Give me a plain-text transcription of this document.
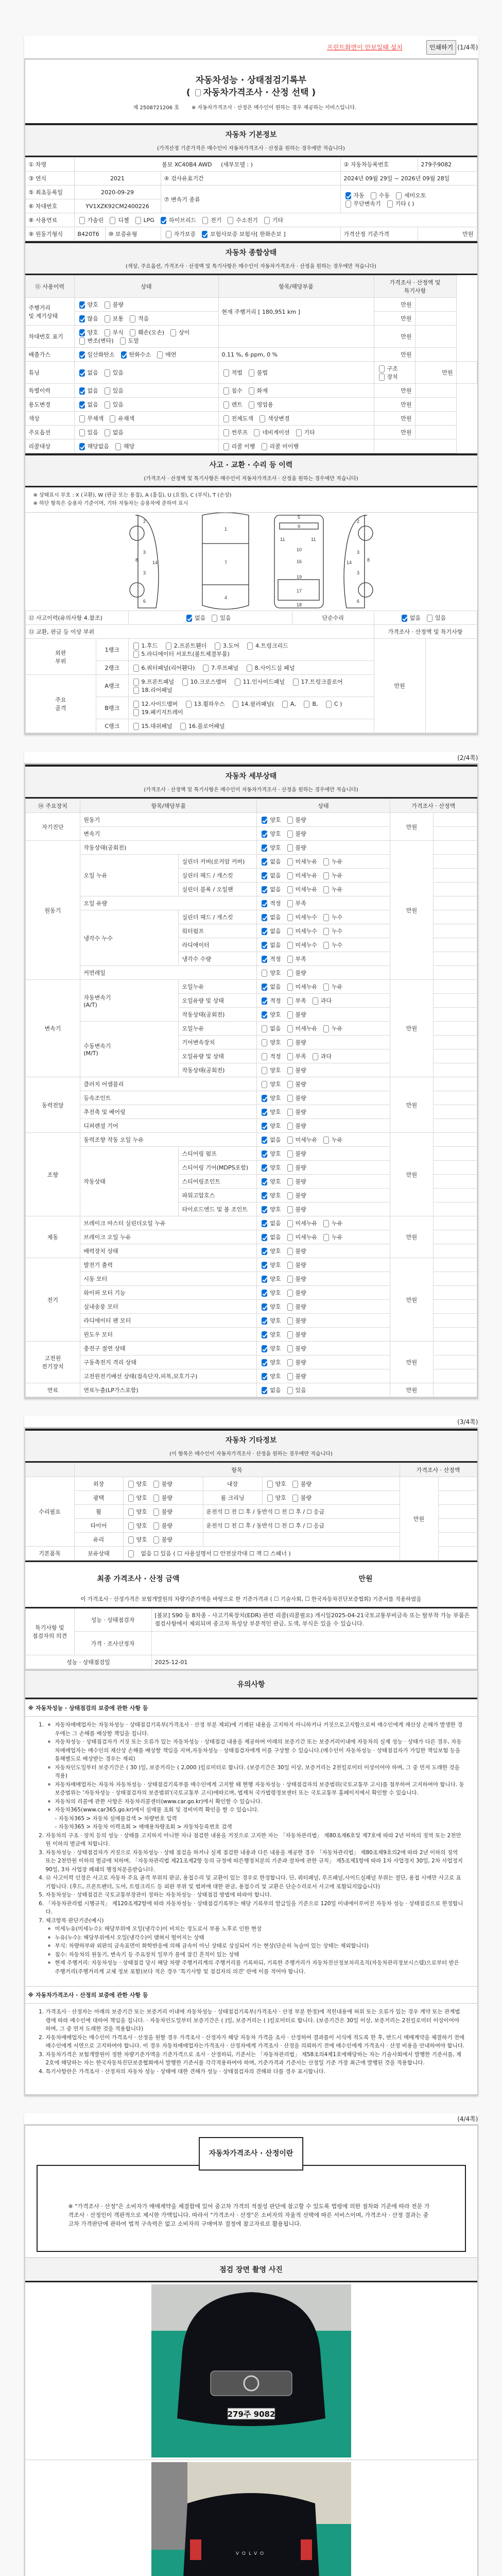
프린트화면이 안보일때 설치	인쇄하기 (1/4쪽)
자동차성능 · 상태점검기록부
( 자동차가격조사 · 산정 선택 )
제 2508721206 호 ※ 자동차가격조사 · 산정은 매수인이 원하는 경우 제공하는 서비스입니다.
자동차 기본정보

(가격산정 기준가격은 매수인이 자동차가격조사 · 산정을 원하는 경우에만 적습니다)

① 차명	볼보 XC40B4 AWD (세부모델 : )			② 자동차등록번호	279주9082
③ 연식	2021		④ 검사유효기간	2024년 09월 29일 ~ 2026년 09월 28일	
⑤ 최초등록일	2020-09-29		⑦ 변속기 종류	자동 수동 세미오토
무단변속기 기타 ( )	
⑥ 차대번호	YV1XZK92CM2400226				
⑧ 사용연료	가솔린 디젤 LPG 하이브리드 전기 수소전기 기타				
⑨ 원동기형식	B420T6	⑩ 보증유형	자가보증 보험사보증 보험사[ 한화손보 ]	가격산정 기준가격	만원
자동차 종합상태

(색상, 주요옵션, 가격조사 · 산정액 및 특기사항은 매수인이 자동차가격조사 · 산정을 원하는 경우에만 적습니다)

⑪ 사용이력	상태	항목/해당부품	가격조사 · 산정액 및
특기사항		
주행거리
및 계기상태	양호 불량	현재 주행거리 [ 180,951 km ]	만원		
	많음 보통 적음		만원		
차대번호 표기	양호 부식 훼손(오손) 상이변조(변타) 도말		만원		
배출가스	일산화탄소 탄화수소 매연	0.11 %, 6 ppm, 0 %	만원		
튜닝	없음 있음	적법 불법	구조장치	만원	
특별이력	없음 있음	침수 화재	만원		
용도변경	없음 있음	렌트 영업용	만원		
색상	무채색 유채색	전체도색 색상변경	만원		
주요옵션	있음 없음	썬루프 네비게이션 기타	만원		
리콜대상	해당없음 해당	리콜 이행 리콜 미이행			
사고 · 교환 · 수리 등 이력

(가격조사 · 산정액 및 특기사항은 매수인이 자동차가격조사 · 산정을 원하는 경우에만 적습니다)

※ 상태표시 부호 : X (교환), W (판금 또는 용접), A (흠집), U (요철), C (부식), T (손상)
※ 하단 항목은 승용차 기준이며, 기타 자동차는 승용차에 준하여 표시
2
3
3
8	14
6
1
7
4
5
9
10
16
19
17
18
11	11
2
3
3
8
14
6
⑫ 사고이력(유의사항 4.참조)		없음 있음	단순수리	없음 있음	
⑬ 교환, 판금 등 이상 부위				가격조사 · 산정액 및 특기사항	
외판
부위	1랭크	1.후드 2.프론트휀더 3.도어 4.트렁크리드 5.라디에이터 서포트(볼트체결부품)		만원	
	2랭크	6.쿼터패널(리어휀다) 7.루프패널 8.사이드실 패널			
주요
골격	A랭크	9.프론트패널 10.크로스멤버 11.인사이드패널 17.트렁크플로어 18.리어패널			
	B랭크	12.사이드멤버 13.휠하우스 14.필러패널( A, B, C ) 19.패키지트레이			
	C랭크	15.대쉬패널 16.플로어패널			
(2/4쪽)
자동차 세부상태

(가격조사 · 산정액 및 특기사항은 매수인이 자동차가격조사 · 산정을 원하는 경우에만 적습니다)

⑭ 주요장치	항목/해당부품		상태	가격조사 · 산정액	
자기진단	원동기		양호 불량	만원	
	변속기		양호 불량		
원동기	작동상태(공회전)		양호 불량	만원	
	오일 누유	실린더 커버(로커암 커버)	없음 미세누유 누유		
		실린더 헤드 / 개스킷	없음 미세누유 누유		
		실린더 블록 / 오일팬	없음 미세누유 누유		
	오일 유량		적정 부족		
	냉각수 누수	실린더 헤드 / 개스킷	없음 미세누수 누수		
		워터펌프	없음 미세누수 누수		
		라디에이터	없음 미세누수 누수		
		냉각수 수량	적정 부족		
	커먼레일		양호 불량		
변속기	자동변속기
(A/T)	오일누유	없음 미세누유 누유	만원	
		오일유량 및 상태	적정 부족 과다		
		작동상태(공회전)	양호 불량		
	수동변속기
(M/T)	오일누유	없음 미세누유 누유		
		기어변속장치	양호 불량		
		오일유량 및 상태	적정 부족 과다		
		작동상태(공회전)	양호 불량		
동력전달	클러치 어셈블리		양호 불량	만원	
	등속조인트		양호 불량		
	추진축 및 베어링		양호 불량		
	디퍼렌셜 기어		양호 불량		
조향	동력조향 작동 오일 누유		없음 미세누유 누유	만원	
	작동상태	스티어링 펌프	양호 불량		
		스티어링 기어(MDPS포함)	양호 불량		
		스티어링조인트	양호 불량		
		파워고압호스	양호 불량		
		타이로드엔드 및 볼 조인트	양호 불량		
제동	브레이크 마스터 실린더오일 누유		없음 미세누유 누유	만원	
	브레이크 오일 누유		없음 미세누유 누유		
	배력장치 상태		양호 불량		
전기	발전기 출력		양호 불량	만원	
	시동 모터		양호 불량		
	와이퍼 모터 기능		양호 불량		
	실내송풍 모터		양호 불량		
	라디에이터 팬 모터		양호 불량		
	윈도우 모터		양호 불량		
고전원
전기장치	충전구 절연 상태		양호 불량	만원	
	구동축전지 격리 상태		양호 불량		
	고전원전기배선 상태(접속단자,피복,보호기구)		양호 불량		
연료	연료누출(LP가스포함)		없음 있음	만원	
(3/4쪽)
자동차 기타정보

(이 항목은 매수인이 자동차가격조사 · 산정을 원하는 경우에만 적습니다)

	항목				가격조사 · 산정액	
수리필요	외장	양호 불량	내장	양호 불량	만원	
	광택	양호 불량	룸 크리닝	양호 불량		
	휠	양호 불량	운전석 ☐ 전 ☐ 후 / 동반석 ☐ 전 ☐ 후 / ☐ 응급			
	타이어	양호 불량	운전석 ☐ 전 ☐ 후 / 동반석 ☐ 전 ☐ 후 / ☐ 응급			
	유리	양호 불량				
기본품목	보유상태	없음 ☐ 있음 ( ☐ 사용설명서 ☐ 안전삼각대 ☐ 잭 ☐ 스패너 )				
최종 가격조사 · 산정 금액	만원
이 가격조사 · 산정가격은 보험개발원의 차량기준가액을 바탕으로 한 기준가격과 ( ☐ 기술사회, ☐ 한국자동차진단보증협회) 기준서를 적용하였음
특기사항 및
점검자의 의견	성능 · 상태점검자	[볼보] S90 등 8차종 - 사고기록장치(EDR) 관련 리콜(리콜필요) 개시일2025-04-21국토교통부비금속 또는 탈부착 가능 부품은 점검사항에서 제외되며 중고차 특성상 부분적인 판금, 도색, 부식은 있을 수 있습니다.
	가격 · 조사산정자	
성능 · 상태점검일		2025-12-01
유의사항
※ 자동차성능 · 상태점검의 보증에 관한 사항 등
◦ 1. 자동차매매업자는 자동차성능 · 상태점검기록부(가격조사 · 산정 부분 제외)에 기재된 내용을 고지하지 아니하거나 거짓으로고지함으로써 매수인에게 재산상 손해가 발생한 경우에는 그 손해를 배상할 책임을 집니다.
◦ 자동차성능 · 상태점검자가 거짓 또는 오류가 있는 자동차성능 · 상태점검 내용을 제공하여 아래의 보증기간 또는 보증거리이내에 자동차의 실제 성능 · 상태가 다른 경우, 자동차매매업자는 매수인의 재산상 손해를 배상할 책임을 지며,자동차성능 · 상태점검자에게 이를 구상할 수 있습니다.(매수인이 자동차성능 · 상태점검자가 가입한 책임보험 등을 통해별도로 배상받는 경우는 제외)
◦ 자동차인도일부터 보증기간은 ( 30 )일, 보증거리는 ( 2,000 )킬로미터로 합니다. (보증기간은 30일 이상, 보증거리는 2천킬로미터 이상이어야 하며, 그 중 먼저 도래한 것을 적용)
◦ 자동차매매업자는 자동차 자동차성능 · 상태점검기록부를 매수인에게 고지할 때 현행 자동차성능 · 상태점검자의 보증범위(국토교통부 고시)를 첨부하여 고지하여야 합니다. 동 보증범위는 '자동차성능 · 상태점검자의 보증범위'(국토교통부 고시)에따르며, 법제처 국가법령정보센터 또는 국토교통부 홈페이지에서 확인할 수 있습니다.
◦ 자동차의 리콜에 관한 사항은 자동차리콜센터(www.car.go.kr)에서 확인할 수 있습니다.
◦ 자동차365(www.car365.go.kr)에서 실매물 조회 및 정비이력 확인을 할 수 있습니다.
- 자동차365 > 자동차 실매물검색 > 차량번호 입력
- 자동차365 > 자동차 이력조회 > 매매용차량조회 > 자동차등록번호 검색
2. 자동차의 구조 · 장치 등의 성능 · 상태를 고지하지 아니한 자나 점검한 내용을 거짓으로 고지한 자는 「자동차관리법」 제80조제6호및 제7호에 따라 2년 이하의 징역 또는 2천만원 이하의 벌금에 처합니다.
3. 자동차성능 · 상태점검자가 거짓으로 자동차성능 · 상태 점검을 하거나 실제 점검한 내용과 다른 내용을 제공한 경우 「자동차관리법」 제80조제9호의2에 따라 2년 이하의 징역 또는 2천만원 이하의 벌금에 처하며, 「자동차관리법 제21조제2항 등의 규정에 따른행정처분의 기준과 절차에 관한 규칙」 제5조제1항에 따라 1차 사업정지 30일, 2차 사업정지 90일, 3차 사업장 폐쇄의 행정처분을받습니다.
4. ⑫ 사고이력 인정은 사고로 자동차 주요 골격 부위의 판금, 용접수리 및 교환이 있는 경우로 한정합니다. 단, 쿼터패널, 루프패널,사이드실패널 부위는 절단, 용접 시에만 사고로 표기합니다. (후드, 프론트펜더, 도어, 트렁크리드 등 외판 부위 및 범퍼에 대한 판금, 용접수리 및 교환은 단순수리로서 사고에 포함되지않습니다)
5. 자동차성능 · 상태점검은 국토교통부장관이 정하는 자동차성능 · 상태점검 방법에 따라야 합니다.
6. 「자동차관리법 시행규칙」 제120조제2항에 따라 자동차성능 · 상태점검기록부는 해당 기록부의 발급일을 기준으로 120일 이내에이루어진 자동차 성능 · 상태점검으로 한정합니다.
7. 체크항목 판단기준(예시)
◦ 미세누유(미세누수): 해당부위에 오일(냉각수)이 비치는 정도로서 부품 노후로 인한 현상
◦ 누유(누수): 해당부위에서 오일(냉각수)이 맺혀서 떨어지는 상태
◦ 부식: 차량하부와 외판의 금속표면이 화학반응에 의해 금속이 아닌 상태로 상실되어 가는 현상(단순히 녹슬어 있는 상태는 제외합니다)
◦ 침수: 자동차의 원동기, 변속기 등 주요장치 일부가 물에 잠긴 흔적이 있는 상태
◦ 현재 주행거리: 자동차성능 · 상태점검 당시 해당 차량 주행거리계의 주행거리를 기록하되, 기록한 주행거리가 자동차전산정보처리조직(자동차관리정보시스템)으로부터 받은 주행거리(주행거리계 교체 정보 포함)보다 적은 경우 '특기사항 및 점검자의 의견' 란에 이를 적어야 합니다.
※ 자동차가격조사 · 산정의 보증에 관한 사항 등
1. 가격조사 · 산정자는 아래의 보증기간 또는 보증거리 이내에 자동차성능 · 상태점검기록부(가격조사 · 산정 부분 한정)에 적힌내용에 허위 또는 오류가 있는 경우 계약 또는 관계법령에 따라 매수인에 대하여 책임을 집니다. · 자동차인도일부터 보증기간은 ( )일, 보증거리는 ( )킬로미터로 합니다. (보증기간은 30일 이상, 보증거리는 2천킬로미터 이상이어야 하며, 그 중 먼저 도래한 것을 적용합니다)
2. 자동차매매업자는 매수인이 가격조사 · 산정을 원할 경우 가격조사 · 산정자가 해당 자동차 가격을 조사 · 산정하여 결과를이 서식에 적도록 한 후, 반드시 매매계약을 체결하기 전에 매수인에게 서면으로 고지하여야 합니다. 이 경우 자동차매매업자는가격조사 · 산정자에게 가격조사 · 산정을 의뢰하기 전에 매수인에게 가격조사 · 산정 비용을 안내하여야 합니다.
3. 자동차가격은 보험개발원이 정한 차량기준가액을 기준가격으로 조사 · 산정하되, 기준서는 「자동차관리법」 제58조의4제1호에해당하는 자는 기술사회에서 발행한 기준서를, 제2호에 해당하는 자는 한국자동차진단보증협회에서 발행한 기준서를 각각적용하여야 하며, 기준가격과 기준서는 산정일 기준 가장 최근에 발행된 것을 적용합니다.
4. 특기사항란은 가격조사 · 산정자의 자동차 성능 · 상태에 대한 견해가 성능 · 상태점검자의 견해와 다를 경우 표시합니다.
(4/4쪽)
자동차가격조사 · 산정이란
※ "가격조사 · 산정"은 소비자가 매매계약을 체결함에 있어 중고차 가격의 적절성 판단에 참고할 수 있도록 법령에 의한 절차와 기준에 따라 전문 가격조사 · 산정인이 객관적으로 제시한 가액입니다. 따라서 "가격조사 · 산정"은 소비자의 자율적 선택에 따른 서비스이며, 가격조사 · 산정 결과는 중고차 가격판단에 관하여 법적 구속력은 없고 소비자의 구매여부 결정에 참고자료로 활용됩니다.
점검 장면 촬영 사진
279주 9082
VOLVO
